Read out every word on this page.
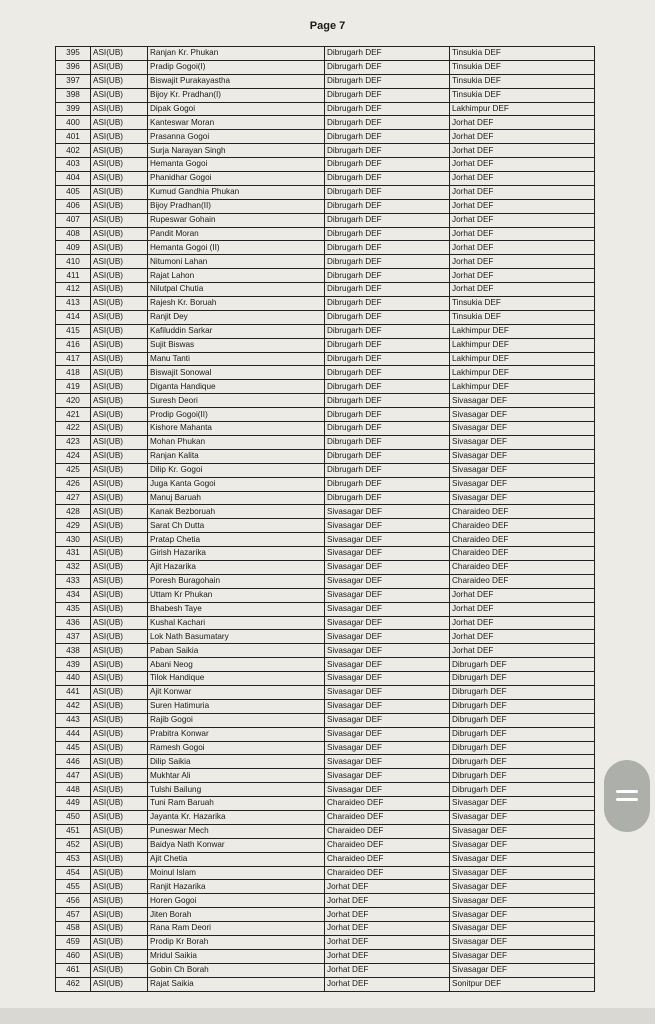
Page 7
395	ASI(UB)	Ranjan Kr. Phukan	Dibrugarh DEF	Tinsukia DEF
396	ASI(UB)	Pradip Gogoi(I)	Dibrugarh DEF	Tinsukia DEF
397	ASI(UB)	Biswajit Purakayastha	Dibrugarh DEF	Tinsukia DEF
398	ASI(UB)	Bijoy Kr. Pradhan(I)	Dibrugarh DEF	Tinsukia DEF
399	ASI(UB)	Dipak Gogoi	Dibrugarh DEF	Lakhimpur DEF
400	ASI(UB)	Kanteswar Moran	Dibrugarh DEF	Jorhat DEF
401	ASI(UB)	Prasanna Gogoi	Dibrugarh DEF	Jorhat DEF
402	ASI(UB)	Surja Narayan Singh	Dibrugarh DEF	Jorhat DEF
403	ASI(UB)	Hemanta Gogoi	Dibrugarh DEF	Jorhat DEF
404	ASI(UB)	Phanidhar Gogoi	Dibrugarh DEF	Jorhat DEF
405	ASI(UB)	Kumud Gandhia Phukan	Dibrugarh DEF	Jorhat DEF
406	ASI(UB)	Bijoy Pradhan(II)	Dibrugarh DEF	Jorhat DEF
407	ASI(UB)	Rupeswar Gohain	Dibrugarh DEF	Jorhat DEF
408	ASI(UB)	Pandit Moran	Dibrugarh DEF	Jorhat DEF
409	ASI(UB)	Hemanta Gogoi (II)	Dibrugarh DEF	Jorhat DEF
410	ASI(UB)	Nitumoni Lahan	Dibrugarh DEF	Jorhat DEF
411	ASI(UB)	Rajat Lahon	Dibrugarh DEF	Jorhat DEF
412	ASI(UB)	Nilutpal Chutia	Dibrugarh DEF	Jorhat DEF
413	ASI(UB)	Rajesh Kr. Boruah	Dibrugarh DEF	Tinsukia DEF
414	ASI(UB)	Ranjit Dey	Dibrugarh DEF	Tinsukia DEF
415	ASI(UB)	Kafiluddin Sarkar	Dibrugarh DEF	Lakhimpur DEF
416	ASI(UB)	Sujit Biswas	Dibrugarh DEF	Lakhimpur DEF
417	ASI(UB)	Manu Tanti	Dibrugarh DEF	Lakhimpur DEF
418	ASI(UB)	Biswajit Sonowal	Dibrugarh DEF	Lakhimpur DEF
419	ASI(UB)	Diganta Handique	Dibrugarh DEF	Lakhimpur DEF
420	ASI(UB)	Suresh Deori	Dibrugarh DEF	Sivasagar DEF
421	ASI(UB)	Prodip Gogoi(II)	Dibrugarh DEF	Sivasagar DEF
422	ASI(UB)	Kishore Mahanta	Dibrugarh DEF	Sivasagar DEF
423	ASI(UB)	Mohan Phukan	Dibrugarh DEF	Sivasagar DEF
424	ASI(UB)	Ranjan Kalita	Dibrugarh DEF	Sivasagar DEF
425	ASI(UB)	Dilip Kr. Gogoi	Dibrugarh DEF	Sivasagar DEF
426	ASI(UB)	Juga Kanta Gogoi	Dibrugarh DEF	Sivasagar DEF
427	ASI(UB)	Manuj Baruah	Dibrugarh DEF	Sivasagar DEF
428	ASI(UB)	Kanak Bezboruah	Sivasagar DEF	Charaideo DEF
429	ASI(UB)	Sarat Ch Dutta	Sivasagar DEF	Charaideo DEF
430	ASI(UB)	Pratap Chetia	Sivasagar DEF	Charaideo DEF
431	ASI(UB)	Girish Hazarika	Sivasagar DEF	Charaideo DEF
432	ASI(UB)	Ajit Hazarika	Sivasagar DEF	Charaideo DEF
433	ASI(UB)	Poresh Buragohain	Sivasagar DEF	Charaideo DEF
434	ASI(UB)	Uttam Kr Phukan	Sivasagar DEF	Jorhat DEF
435	ASI(UB)	Bhabesh Taye	Sivasagar DEF	Jorhat DEF
436	ASI(UB)	Kushal Kachari	Sivasagar DEF	Jorhat DEF
437	ASI(UB)	Lok Nath Basumatary	Sivasagar DEF	Jorhat DEF
438	ASI(UB)	Paban Saikia	Sivasagar DEF	Jorhat DEF
439	ASI(UB)	Abani Neog	Sivasagar DEF	Dibrugarh DEF
440	ASI(UB)	Tilok Handique	Sivasagar DEF	Dibrugarh DEF
441	ASI(UB)	Ajit Konwar	Sivasagar DEF	Dibrugarh DEF
442	ASI(UB)	Suren Hatimuria	Sivasagar DEF	Dibrugarh DEF
443	ASI(UB)	Rajib Gogoi	Sivasagar DEF	Dibrugarh DEF
444	ASI(UB)	Prabitra Konwar	Sivasagar DEF	Dibrugarh DEF
445	ASI(UB)	Ramesh Gogoi	Sivasagar DEF	Dibrugarh DEF
446	ASI(UB)	Dilip Saikia	Sivasagar DEF	Dibrugarh DEF
447	ASI(UB)	Mukhtar Ali	Sivasagar DEF	Dibrugarh DEF
448	ASI(UB)	Tulshi Bailung	Sivasagar DEF	Dibrugarh DEF
449	ASI(UB)	Tuni Ram Baruah	Charaideo DEF	Sivasagar DEF
450	ASI(UB)	Jayanta Kr. Hazarika	Charaideo DEF	Sivasagar DEF
451	ASI(UB)	Puneswar Mech	Charaideo DEF	Sivasagar DEF
452	ASI(UB)	Baidya Nath Konwar	Charaideo DEF	Sivasagar DEF
453	ASI(UB)	Ajit Chetia	Charaideo DEF	Sivasagar DEF
454	ASI(UB)	Moinul Islam	Charaideo DEF	Sivasagar DEF
455	ASI(UB)	Ranjit Hazarika	Jorhat DEF	Sivasagar DEF
456	ASI(UB)	Horen Gogoi	Jorhat DEF	Sivasagar DEF
457	ASI(UB)	Jiten Borah	Jorhat DEF	Sivasagar DEF
458	ASI(UB)	Rana Ram Deori	Jorhat DEF	Sivasagar DEF
459	ASI(UB)	Prodip Kr Borah	Jorhat DEF	Sivasagar DEF
460	ASI(UB)	Mridul Saikia	Jorhat DEF	Sivasagar DEF
461	ASI(UB)	Gobin Ch Borah	Jorhat DEF	Sivasagar DEF
462	ASI(UB)	Rajat Saikia	Jorhat DEF	Sonitpur DEF
